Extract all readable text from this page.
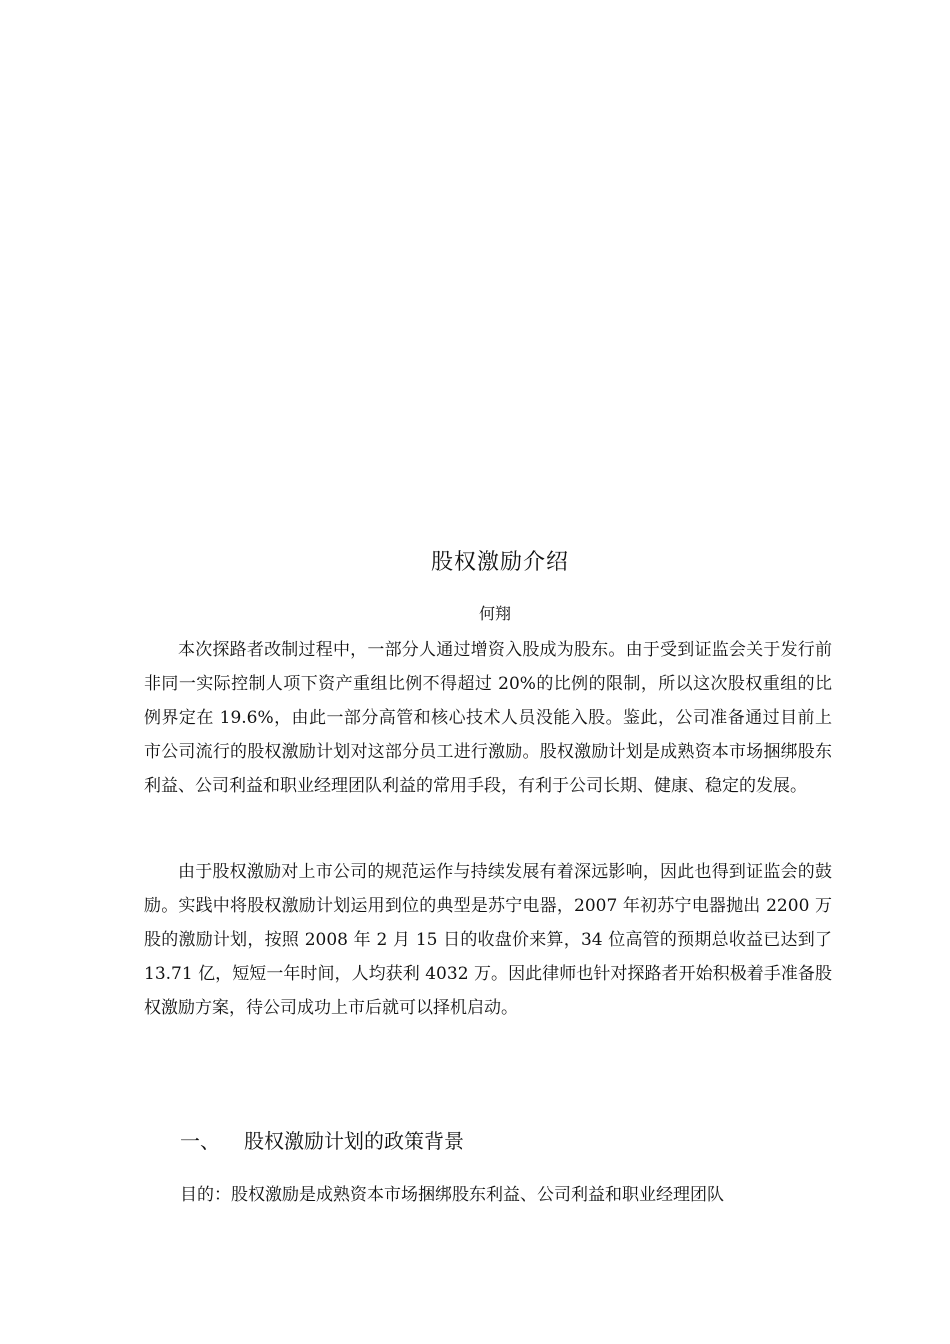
股权激励介绍
何翔

本次探路者改制过程中，一部分人通过增资入股成为股东。由于受到证监会关于发行前非同一实际控制人项下资产重组比例不得超过 20%的比例的限制，所以这次股权重组的比例界定在 19.6%，由此一部分高管和核心技术人员没能入股。鉴此，公司准备通过目前上市公司流行的股权激励计划对这部分员工进行激励。股权激励计划是成熟资本市场捆绑股东利益、公司利益和职业经理团队利益的常用手段，有利于公司长期、健康、稳定的发展。

由于股权激励对上市公司的规范运作与持续发展有着深远影响，因此也得到证监会的鼓励。实践中将股权激励计划运用到位的典型是苏宁电器，2007 年初苏宁电器抛出 2200 万股的激励计划，按照 2008 年 2 月 15 日的收盘价来算，34 位高管的预期总收益已达到了 13.71 亿，短短一年时间，人均获利 4032 万。因此律师也针对探路者开始积极着手准备股权激励方案，待公司成功上市后就可以择机启动。

一、 股权激励计划的政策背景
目的：股权激励是成熟资本市场捆绑股东利益、公司利益和职业经理团队
